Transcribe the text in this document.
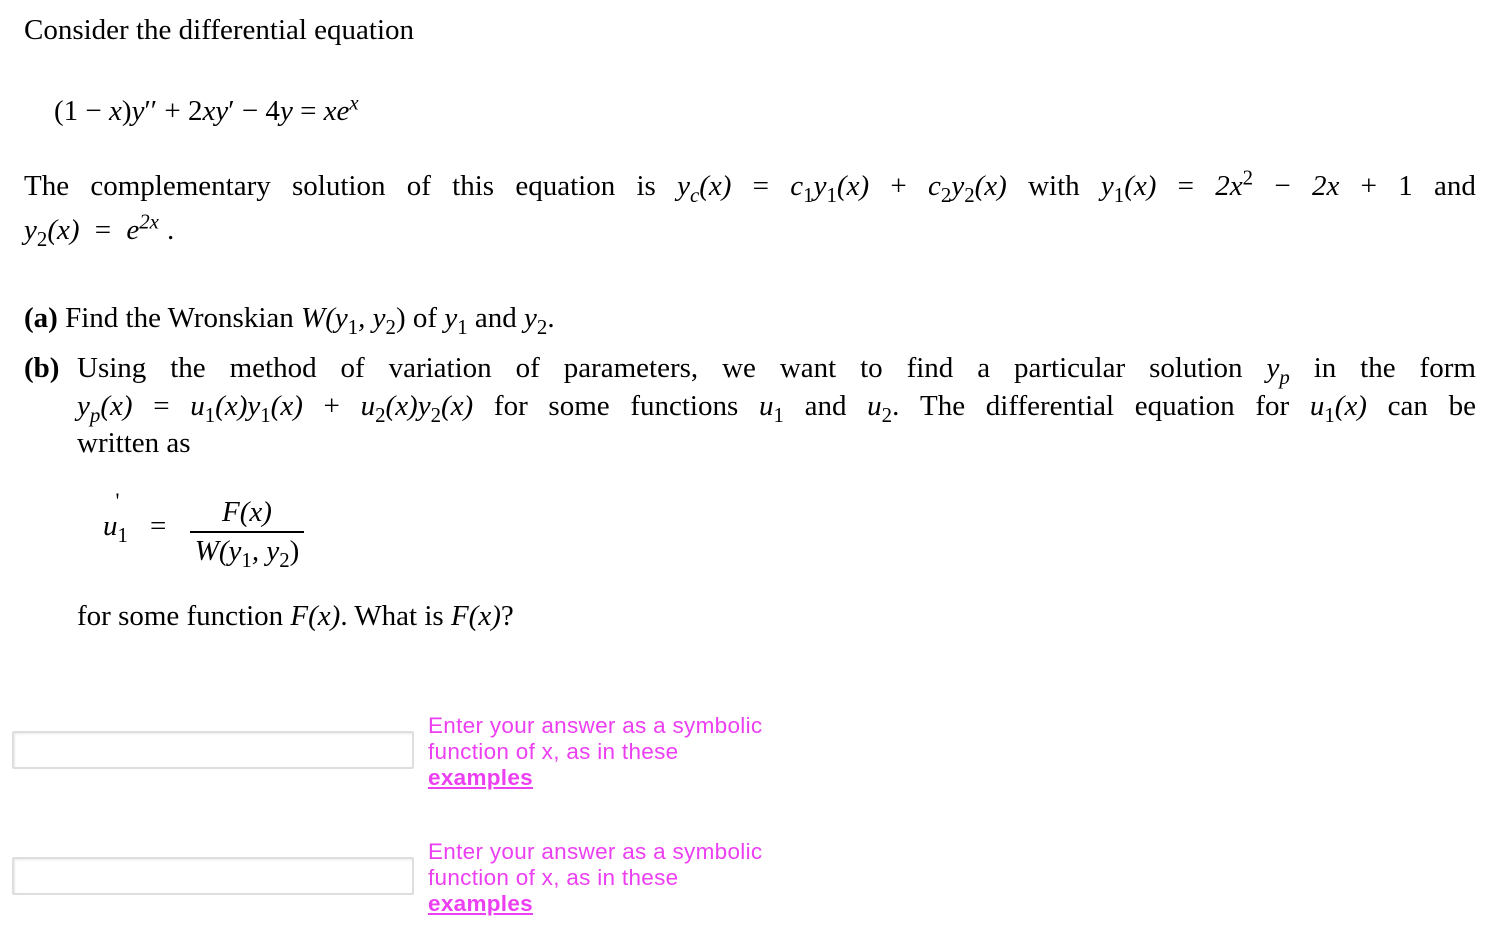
Consider the differential equation
$(1 - x)y'' + 2xy' - 4y = xe^x$
The complementary solution of this equation is $y_c(x) = c_1y_1(x) + c_2y_2(x)$ with $y_1(x) = 2x^2 - 2x + 1$ and
$y_2(x) = e^{2x}$ .
(a) Find the Wronskian $W(y_1$, $y_2$) of $y_1$ and $y_2$.
(b) Using the method of variation of parameters, we want to find a particular solution $y_p$ in the form
$y_p(x) = u_1(x)y_1(x) + u_2(x)y_2(x)$ for some functions $u_1$ and $u_2$. The differential equation for $u_1(x)$ can be
written as
$u_1$
'
=	F(x)
$W(y_1$, $y_2$)
for some function F(x). What is F(x)?
Enter your answer as a symbolic function of x, as in these
examples
Enter your answer as a symbolic function of x, as in these
examples
